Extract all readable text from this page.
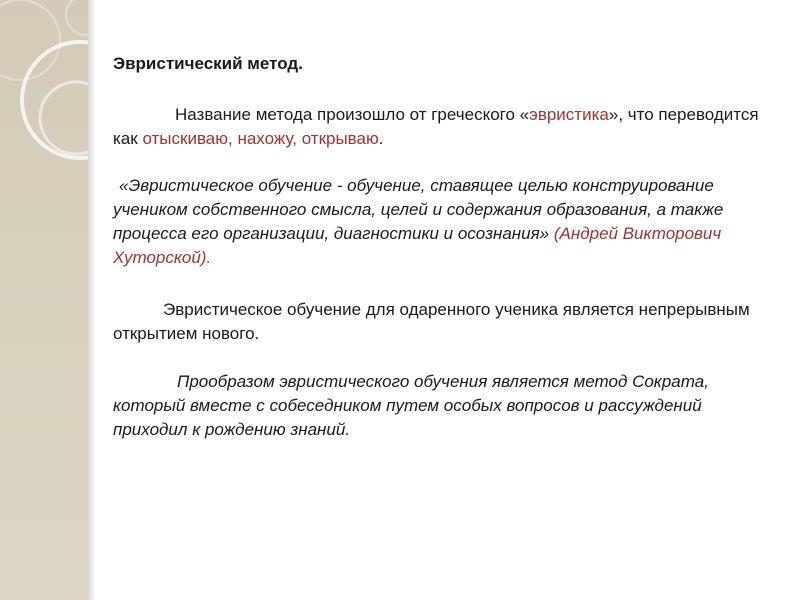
Эвристический метод.

Название метода произошло от греческого «эвристика», что переводится как отыскиваю, нахожу, открываю.

«Эвристическое обучение - обучение, ставящее целью конструирование учеником собственного смысла, целей и содержания образования, а также процесса его организации, диагностики и осознания» (Андрей Викторович Хуторской).

Эвристическое обучение для одаренного ученика является непрерывным открытием нового.

Прообразом эвристического обучения является метод Сократа, который вместе с собеседником путем особых вопросов и рассуждений приходил к рождению знаний.
